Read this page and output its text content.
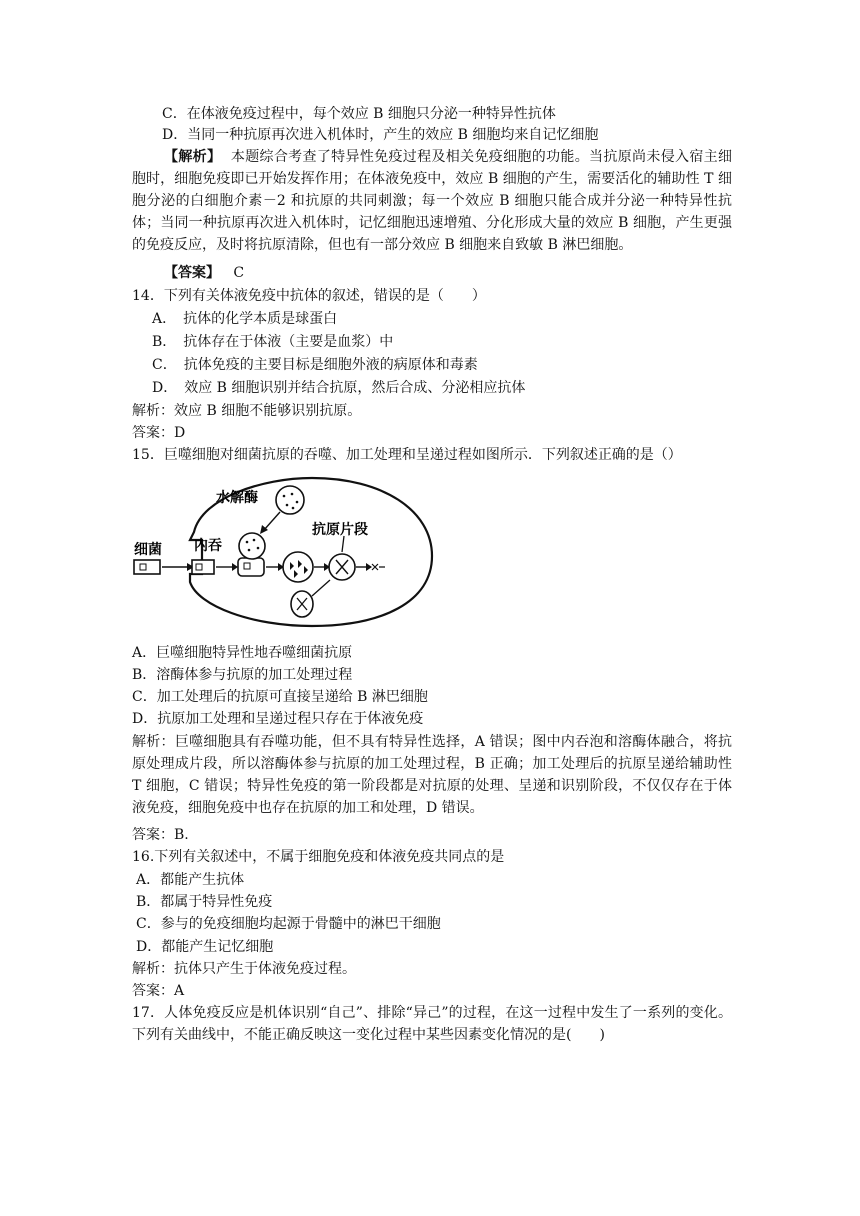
C．在体液免疫过程中，每个效应 B 细胞只分泌一种特异性抗体
D．当同一种抗原再次进入机体时，产生的效应 B 细胞均来自记忆细胞
【解析】 本题综合考查了特异性免疫过程及相关免疫细胞的功能。当抗原尚未侵入宿主细胞时，细胞免疫即已开始发挥作用；在体液免疫中，效应 B 细胞的产生，需要活化的辅助性 T 细胞分泌的白细胞介素－2 和抗原的共同刺激；每一个效应 B 细胞只能合成并分泌一种特异性抗体；当同一种抗原再次进入机体时，记忆细胞迅速增殖、分化形成大量的效应 B 细胞，产生更强的免疫反应，及时将抗原清除，但也有一部分效应 B 细胞来自致敏 B 淋巴细胞。
【答案】 C
14．下列有关体液免疫中抗体的叙述，错误的是（　　）
A．　抗体的化学本质是球蛋白
B．　抗体存在于体液（主要是血浆）中
C．　抗体免疫的主要目标是细胞外液的病原体和毒素
D．　效应 B 细胞识别并结合抗原，然后合成、分泌相应抗体
解析：效应 B 细胞不能够识别抗原。
答案：D
15．巨噬细胞对细菌抗原的吞噬、加工处理和呈递过程如图所示．下列叙述正确的是（）
细菌 内吞
水解酶
抗原片段
A．巨噬细胞特异性地吞噬细菌抗原
B．溶酶体参与抗原的加工处理过程
C．加工处理后的抗原可直接呈递给 B 淋巴细胞
D．抗原加工处理和呈递过程只存在于体液免疫
解析：巨噬细胞具有吞噬功能，但不具有特异性选择，A 错误；图中内吞泡和溶酶体融合，将抗原处理成片段，所以溶酶体参与抗原的加工处理过程，B 正确；加工处理后的抗原呈递给辅助性 T 细胞，C 错误；特异性免疫的第一阶段都是对抗原的处理、呈递和识别阶段，不仅仅存在于体液免疫，细胞免疫中也存在抗原的加工和处理，D 错误。
答案：B.
16.下列有关叙述中，不属于细胞免疫和体液免疫共同点的是
A．都能产生抗体
B．都属于特异性免疫
C．参与的免疫细胞均起源于骨髓中的淋巴干细胞
D．都能产生记忆细胞
解析：抗体只产生于体液免疫过程。
答案：A
17．人体免疫反应是机体识别“自己”、排除“异己”的过程，在这一过程中发生了一系列的变化。下列有关曲线中，不能正确反映这一变化过程中某些因素变化情况的是(　　)
